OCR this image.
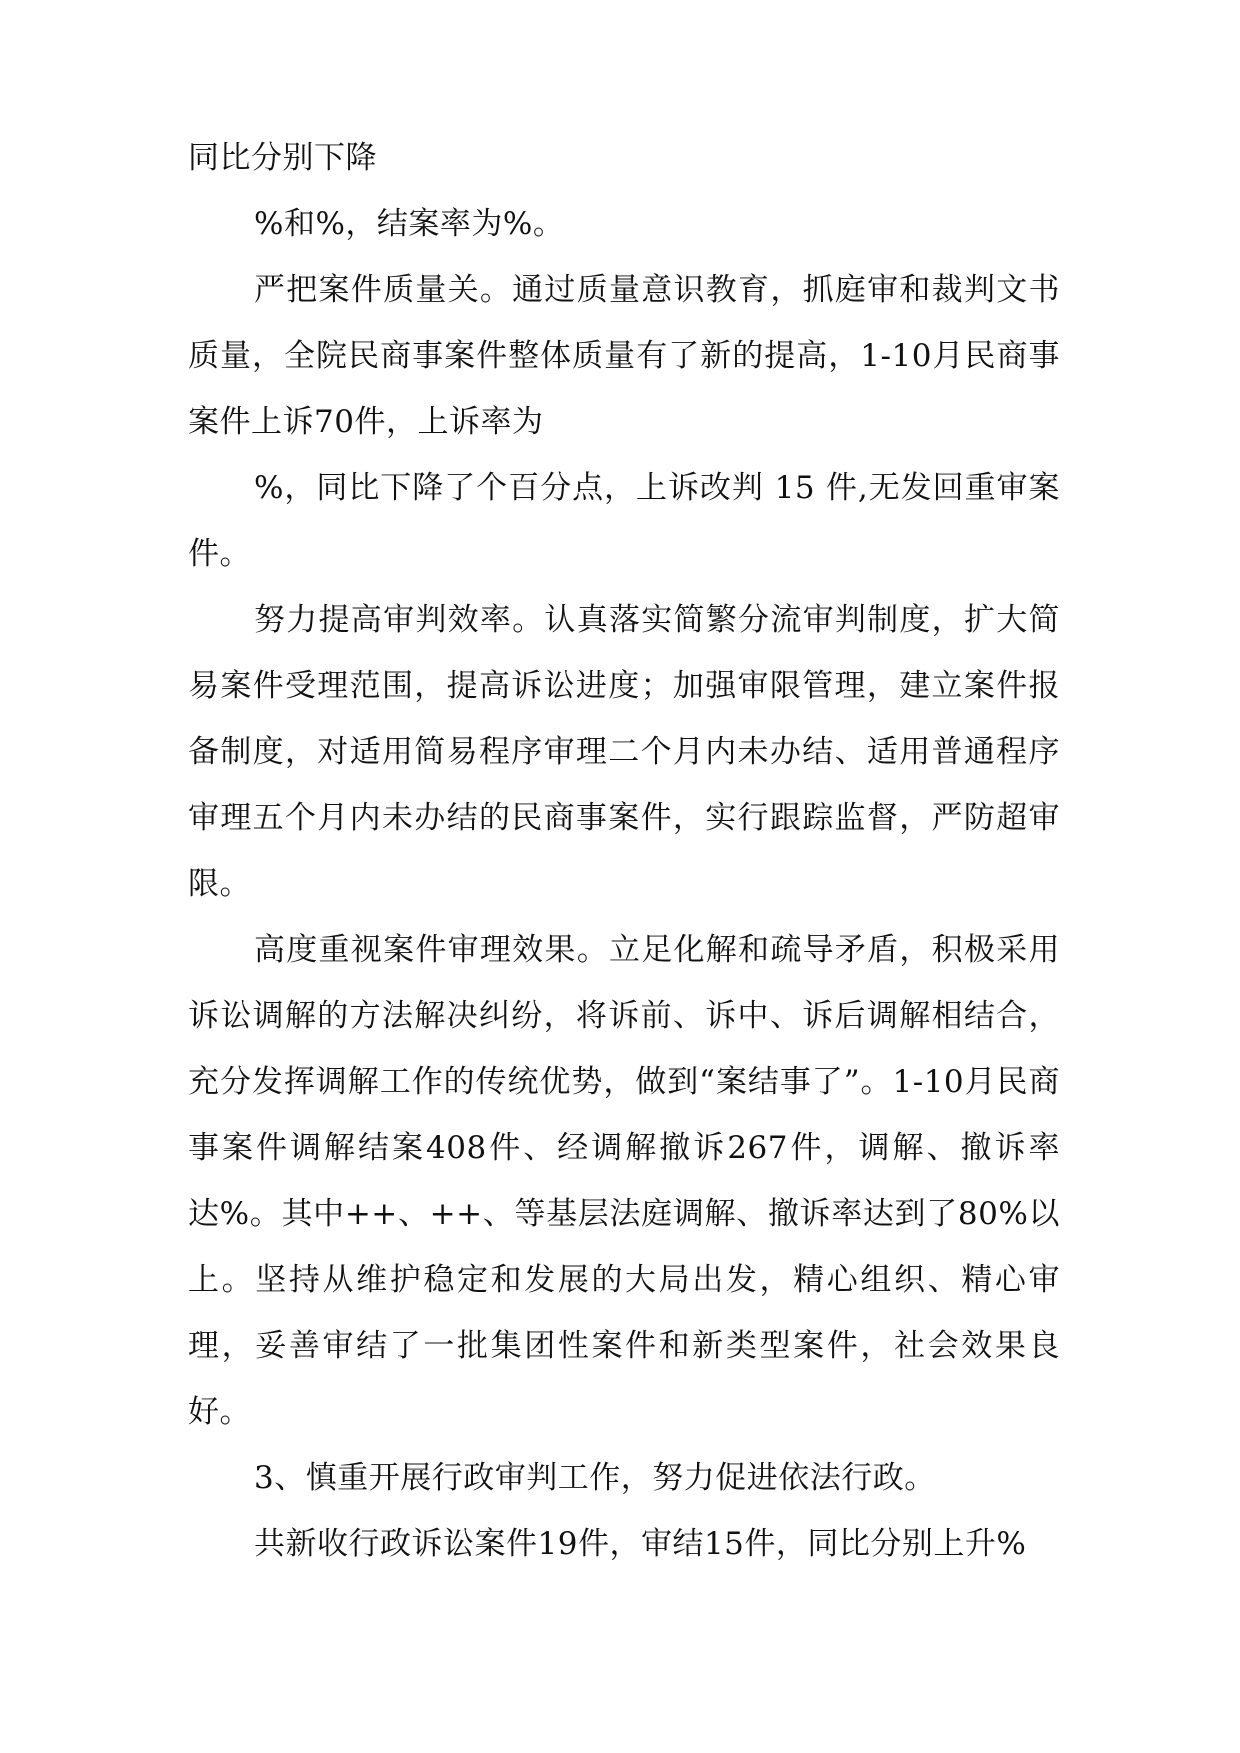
同比分别下降

%和%，结案率为%。

严把案件质量关。通过质量意识教育，抓庭审和裁判文书质量，全院民商事案件整体质量有了新的提高，1-10月民商事案件上诉70件，上诉率为

%，同比下降了个百分点，上诉改判 15 件,无发回重审案件。

努力提高审判效率。认真落实简繁分流审判制度，扩大简易案件受理范围，提高诉讼进度；加强审限管理，建立案件报备制度，对适用简易程序审理二个月内未办结、适用普通程序审理五个月内未办结的民商事案件，实行跟踪监督，严防超审限。

高度重视案件审理效果。立足化解和疏导矛盾，积极采用诉讼调解的方法解决纠纷，将诉前、诉中、诉后调解相结合，充分发挥调解工作的传统优势，做到“案结事了”。1-10月民商事案件调解结案408件、经调解撤诉267件，调解、撤诉率达%。其中++、++、等基层法庭调解、撤诉率达到了80%以上。坚持从维护稳定和发展的大局出发，精心组织、精心审理，妥善审结了一批集团性案件和新类型案件，社会效果良好。

3、慎重开展行政审判工作，努力促进依法行政。

共新收行政诉讼案件19件，审结15件，同比分别上升%
